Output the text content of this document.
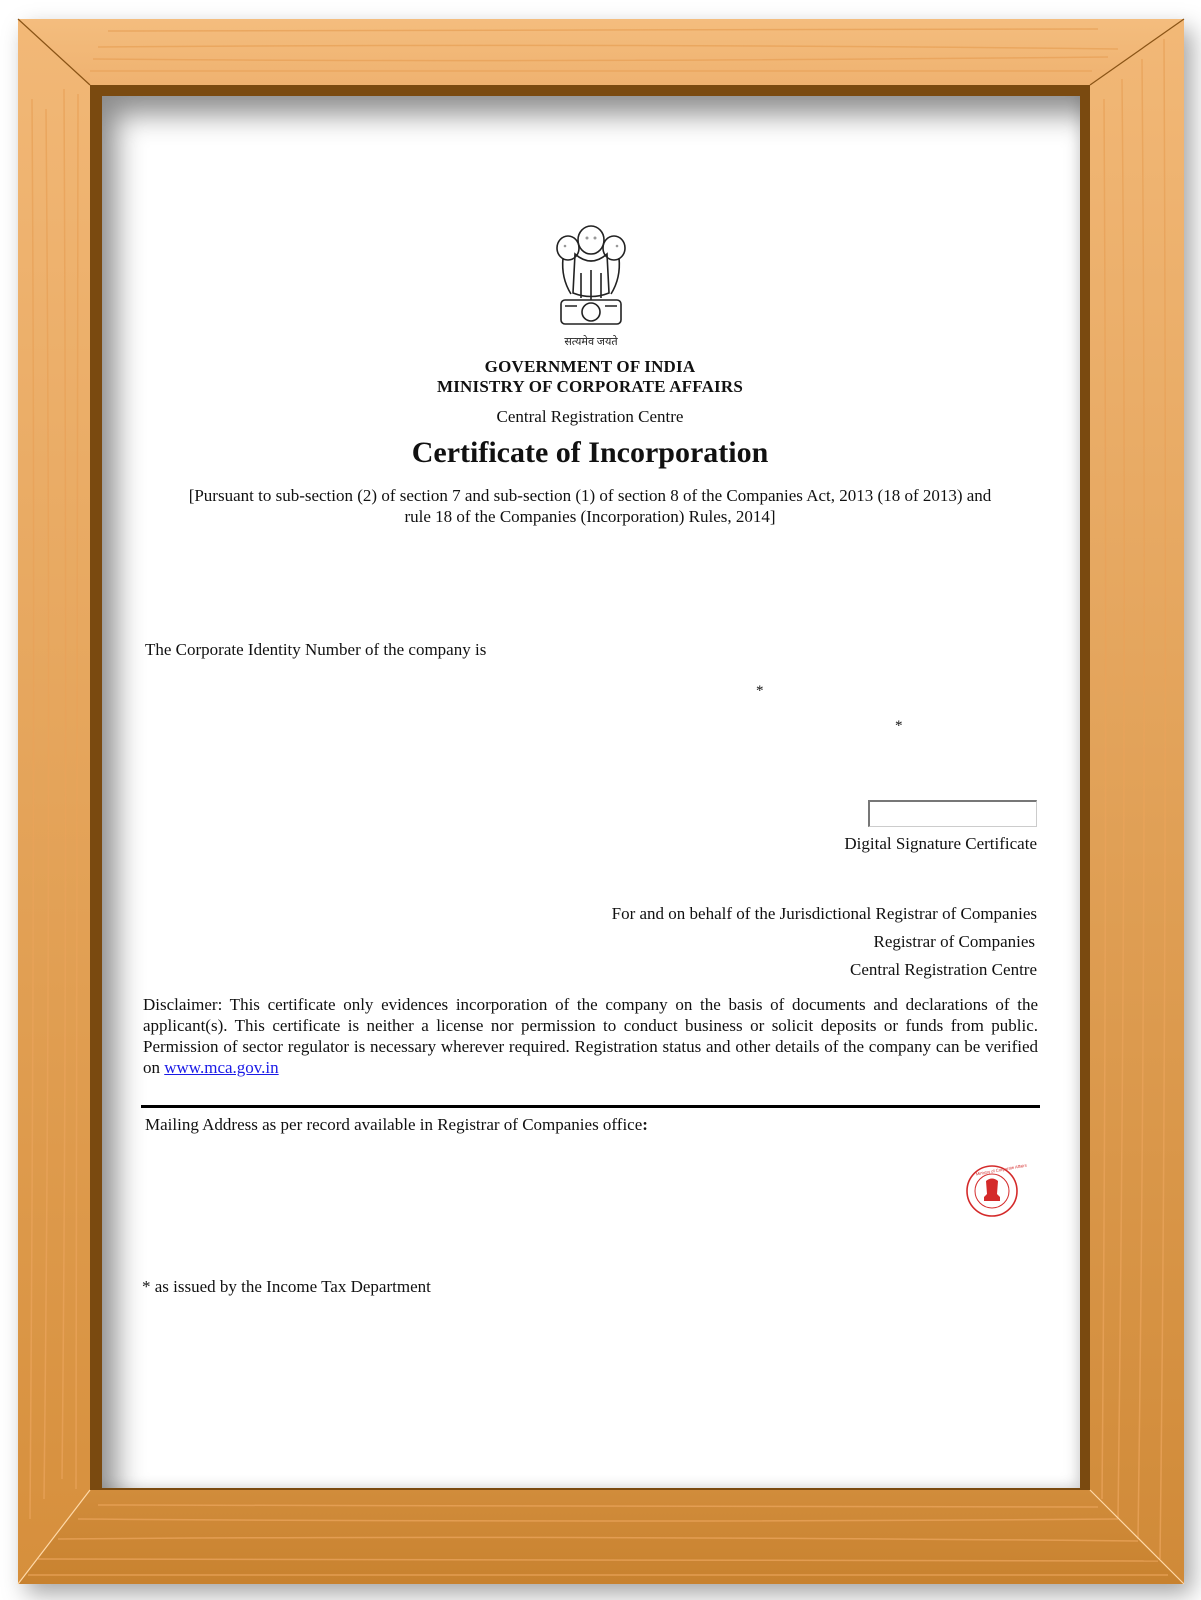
सत्यमेव जयते
GOVERNMENT OF INDIA
MINISTRY OF CORPORATE AFFAIRS
Central Registration Centre
Certificate of Incorporation
[Pursuant to sub-section (2) of section 7 and sub-section (1) of section 8 of the Companies Act, 2013 (18 of 2013) and
rule 18 of the Companies (Incorporation) Rules, 2014]
The Corporate Identity Number of the company is
*
*
Digital Signature Certificate
For and on behalf of the Jurisdictional Registrar of Companies
Registrar of Companies
Central Registration Centre
Disclaimer: This certificate only evidences incorporation of the company on the basis of documents and declarations of the applicant(s). This certificate is neither a license nor permission to conduct business or solicit deposits or funds from public. Permission of sector regulator is necessary wherever required. Registration status and other details of the company can be verified on www.mca.gov.in
Mailing Address as per record available in Registrar of Companies office:
Ministry of Corporate Affairs
* as issued by the Income Tax Department
